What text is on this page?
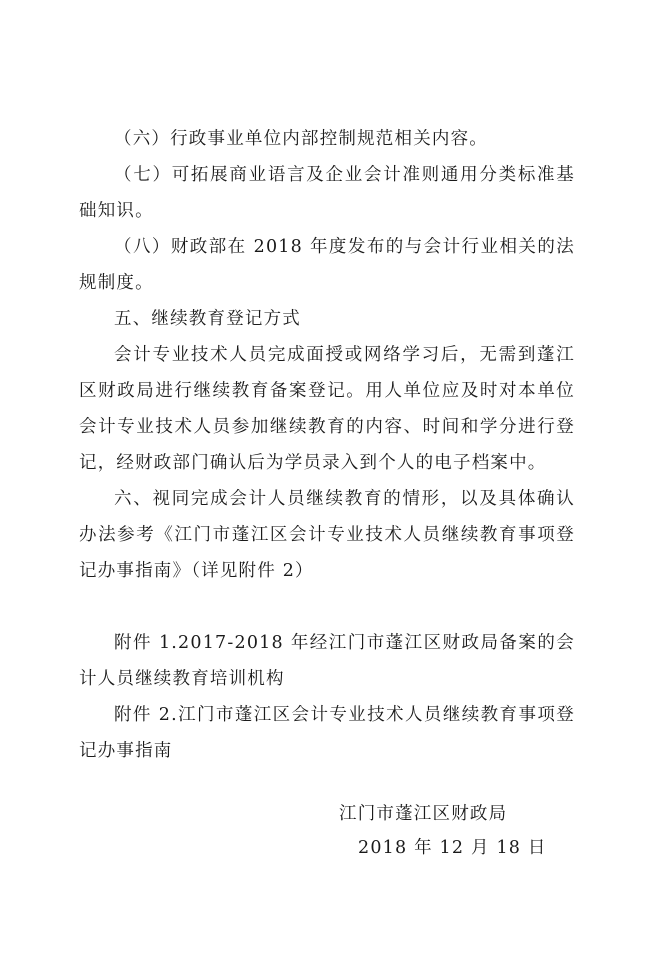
（六）行政事业单位内部控制规范相关内容。

（七）可拓展商业语言及企业会计准则通用分类标准基础知识。

（八）财政部在 2018 年度发布的与会计行业相关的法规制度。

五、继续教育登记方式

会计专业技术人员完成面授或网络学习后，无需到蓬江区财政局进行继续教育备案登记。用人单位应及时对本单位会计专业技术人员参加继续教育的内容、时间和学分进行登记，经财政部门确认后为学员录入到个人的电子档案中。

六、视同完成会计人员继续教育的情形，以及具体确认办法参考《江门市蓬江区会计专业技术人员继续教育事项登记办事指南》（详见附件 2）

附件 1.2017-2018 年经江门市蓬江区财政局备案的会计人员继续教育培训机构

附件 2.江门市蓬江区会计专业技术人员继续教育事项登记办事指南

江门市蓬江区财政局
2018 年 12 月 18 日
